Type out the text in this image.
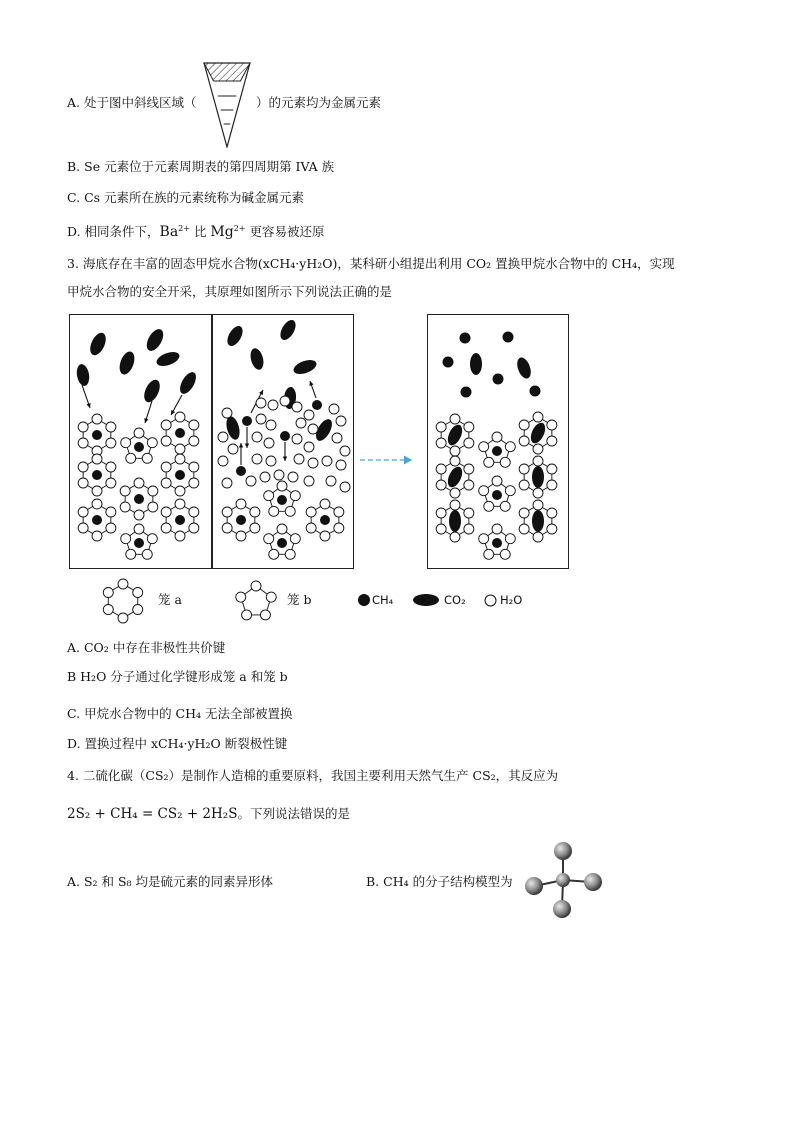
A. 处于图中斜线区域（	）的元素均为金属元素
B. Se 元素位于元素周期表的第四周期第 IVA 族
C. Cs 元素所在族的元素统称为碱金属元素
D. 相同条件下，$Ba^{2+}$ 比 $Mg^{2+}$ 更容易被还原
3. 海底存在丰富的固态甲烷水合物(xCH₄·yH₂O)，某科研小组提出利用 CO₂ 置换甲烷水合物中的 CH₄，实现
甲烷水合物的安全开采，其原理如图所示下列说法正确的是
笼 a	笼 b	CH₄	CO₂	H₂O
A. CO₂ 中存在非极性共价键
B H₂O 分子通过化学键形成笼 a 和笼 b
C. 甲烷水合物中的 CH₄ 无法全部被置换
D. 置换过程中 xCH₄·yH₂O 断裂极性键
4. 二硫化碳（CS₂）是制作人造棉的重要原料，我国主要利用天然气生产 CS₂，其反应为
2S₂ + CH₄ = CS₂ + 2H₂S。下列说法错误的是
A. S₂ 和 S₈ 均是硫元素的同素异形体	B. CH₄ 的分子结构模型为
